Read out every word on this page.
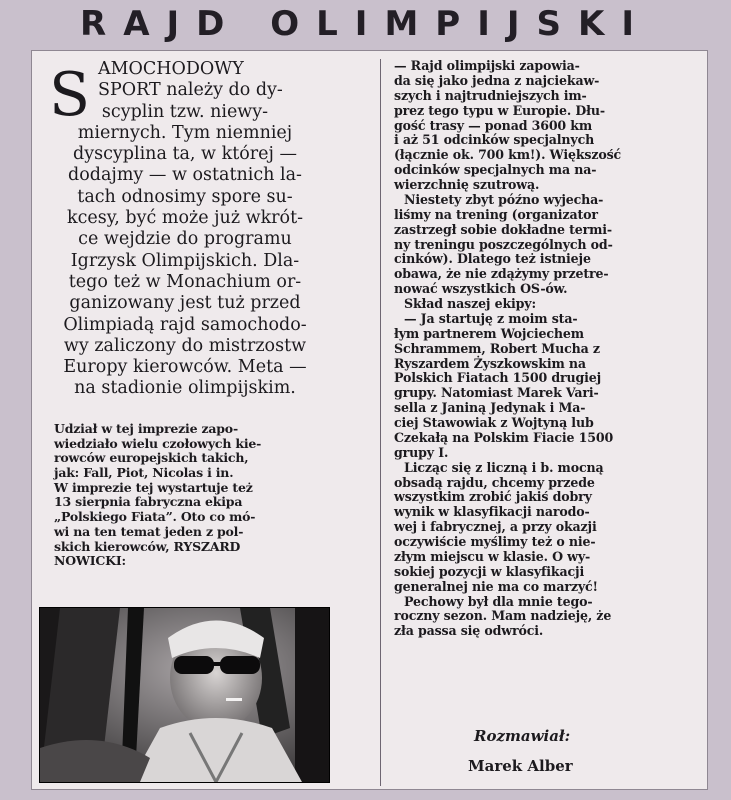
RAJD OLIMPIJSKI
S AMOCHODOWY
SPORT należy do dy-
scyplin tzw. niewy-
miernych. Tym niemniej
dyscyplina ta, w której —
dodajmy — w ostatnich la-
tach odnosimy spore su-
kcesy, być może już wkrót-
ce wejdzie do programu
Igrzysk Olimpijskich. Dla-
tego też w Monachium or-
ganizowany jest tuż przed
Olimpiadą rajd samochodo-
wy zaliczony do mistrzostw
Europy kierowców. Meta —
na stadionie olimpijskim.
Udział w tej imprezie zapo-
wiedziało wielu czołowych kie-
rowców europejskich takich,
jak: Fall, Piot, Nicolas i in.
W imprezie tej wystartuje też
13 sierpnia fabryczna ekipa
„Polskiego Fiata”. Oto co mó-
wi na ten temat jeden z pol-
skich kierowców, RYSZARD
NOWICKI:
— Rajd olimpijski zapowia-
da się jako jedna z najciekaw-
szych i najtrudniejszych im-
prez tego typu w Europie. Dłu-
gość trasy — ponad 3600 km
i aż 51 odcinków specjalnych
(łącznie ok. 700 km!). Większość
odcinków specjalnych ma na-
wierzchnię szutrową.
Niestety zbyt późno wyjecha-
liśmy na trening (organizator
zastrzegł sobie dokładne termi-
ny treningu poszczególnych od-
cinków). Dlatego też istnieje
obawa, że nie zdążymy przetre-
nować wszystkich OS-ów.
Skład naszej ekipy:
— Ja startuję z moim sta-
łym partnerem Wojciechem
Schrammem, Robert Mucha z
Ryszardem Żyszkowskim na
Polskich Fiatach 1500 drugiej
grupy. Natomiast Marek Vari-
sella z Janiną Jedynak i Ma-
ciej Stawowiak z Wojtyną lub
Czekałą na Polskim Fiacie 1500
grupy I.
Licząc się z liczną i b. mocną
obsadą rajdu, chcemy przede
wszystkim zrobić jakiś dobry
wynik w klasyfikacji narodo-
wej i fabrycznej, a przy okazji
oczywiście myślimy też o nie-
złym miejscu w klasie. O wy-
sokiej pozycji w klasyfikacji
generalnej nie ma co marzyć!
Pechowy był dla mnie tego-
roczny sezon. Mam nadzieję, że
zła passa się odwróci.
Rozmawiał:
Marek Alber
